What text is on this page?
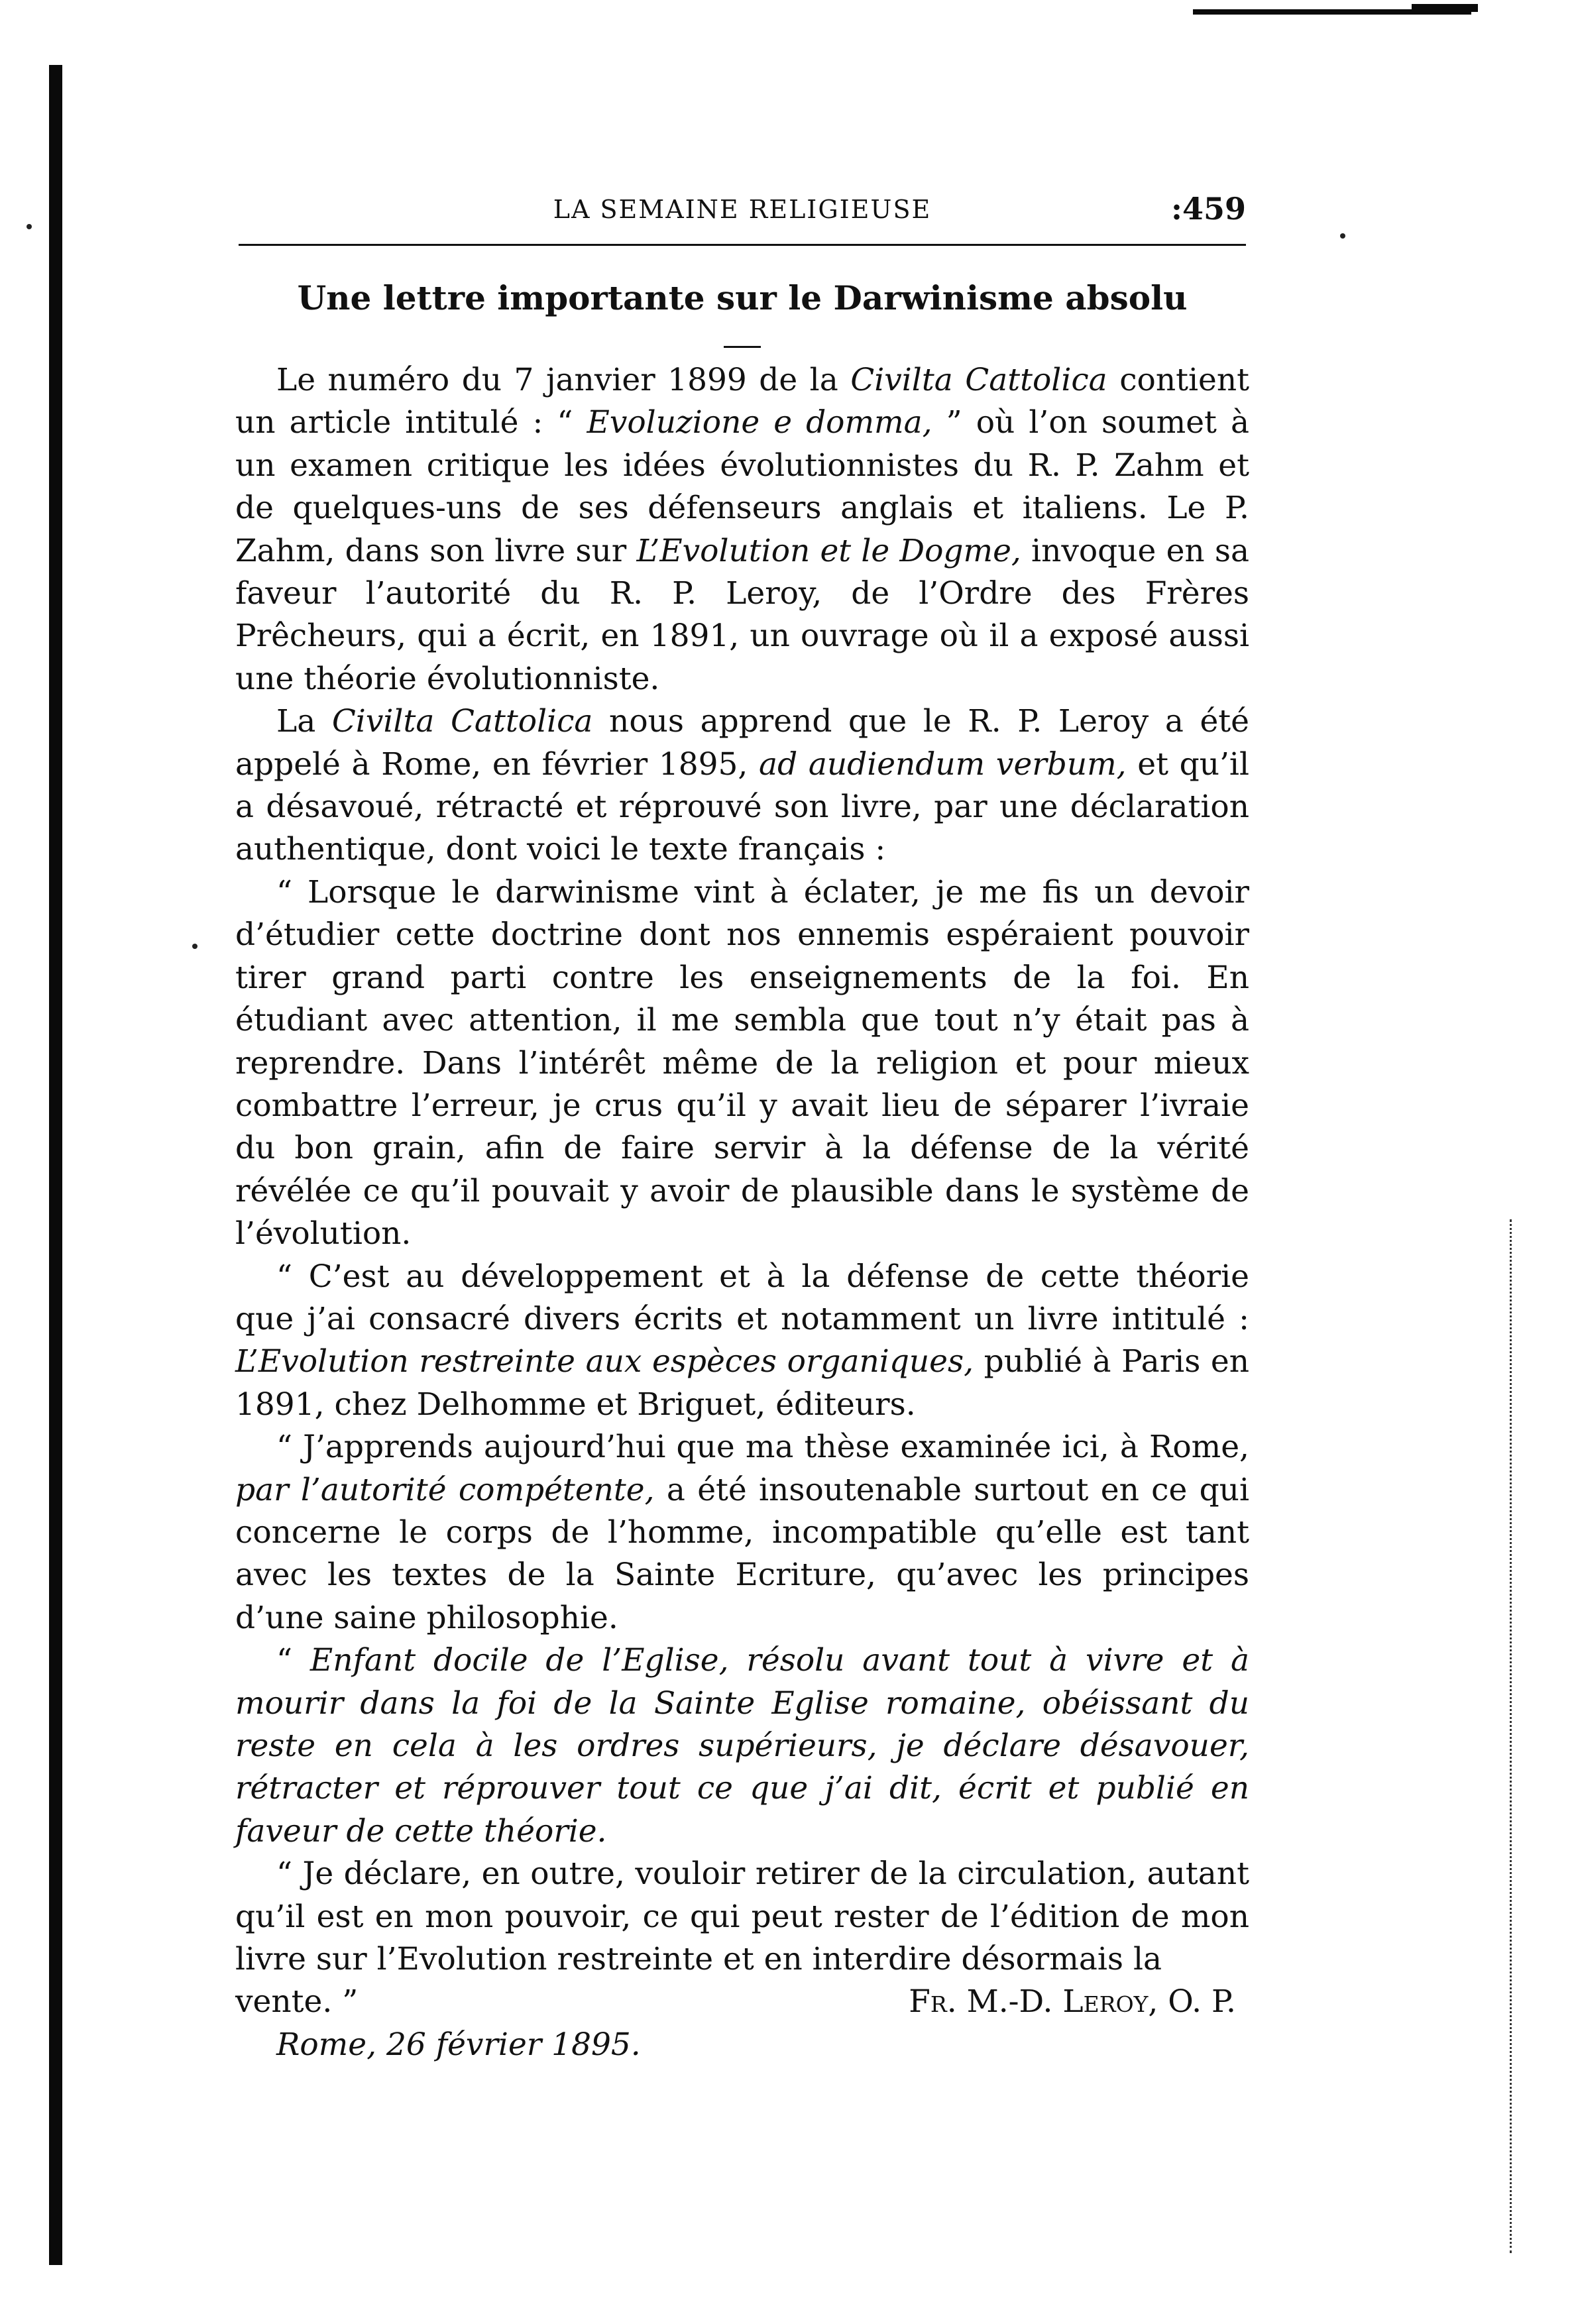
LA SEMAINE RELIGIEUSE	:459
Une lettre importante sur le Darwinisme absolu

Le numéro du 7 janvier 1899 de la Civilta Cattolica contient un article intitulé : “ Evoluzione e domma, ” où l’on soumet à un examen critique les idées évolutionnistes du R. P. Zahm et de quelques-uns de ses défenseurs anglais et italiens. Le P. Zahm, dans son livre sur L’Evolution et le Dogme, invoque en sa faveur l’autorité du R. P. Leroy, de l’Ordre des Frères Prêcheurs, qui a écrit, en 1891, un ouvrage où il a exposé aussi une théorie évolutionniste.

La Civilta Cattolica nous apprend que le R. P. Leroy a été appelé à Rome, en février 1895, ad audiendum verbum, et qu’il a désavoué, rétracté et réprouvé son livre, par une déclaration authentique, dont voici le texte français :

“ Lorsque le darwinisme vint à éclater, je me fis un devoir d’étudier cette doctrine dont nos ennemis espéraient pouvoir tirer grand parti contre les enseignements de la foi. En étudiant avec attention, il me sembla que tout n’y était pas à reprendre. Dans l’intérêt même de la religion et pour mieux combattre l’erreur, je crus qu’il y avait lieu de séparer l’ivraie du bon grain, afin de faire servir à la défense de la vérité révélée ce qu’il pouvait y avoir de plausible dans le système de l’évolution.

“ C’est au développement et à la défense de cette théorie que j’ai consacré divers écrits et notamment un livre intitulé : L’Evolution restreinte aux espèces organiques, publié à Paris en 1891, chez Delhomme et Briguet, éditeurs.

“ J’apprends aujourd’hui que ma thèse examinée ici, à Rome, par l’autorité compétente, a été insoutenable surtout en ce qui concerne le corps de l’homme, incompatible qu’elle est tant avec les textes de la Sainte Ecriture, qu’avec les principes d’une saine philosophie.

“ Enfant docile de l’Eglise, résolu avant tout à vivre et à mourir dans la foi de la Sainte Eglise romaine, obéissant du reste en cela à les ordres supérieurs, je déclare désavouer, rétracter et réprouver tout ce que j’ai dit, écrit et publié en faveur de cette théorie.

“ Je déclare, en outre, vouloir retirer de la circulation, autant qu’il est en mon pouvoir, ce qui peut rester de l’édition de mon livre sur l’Evolution restreinte et en interdire désormais la

vente. ”	Fr. M.-D. Leroy, O. P.
Rome, 26 février 1895.
